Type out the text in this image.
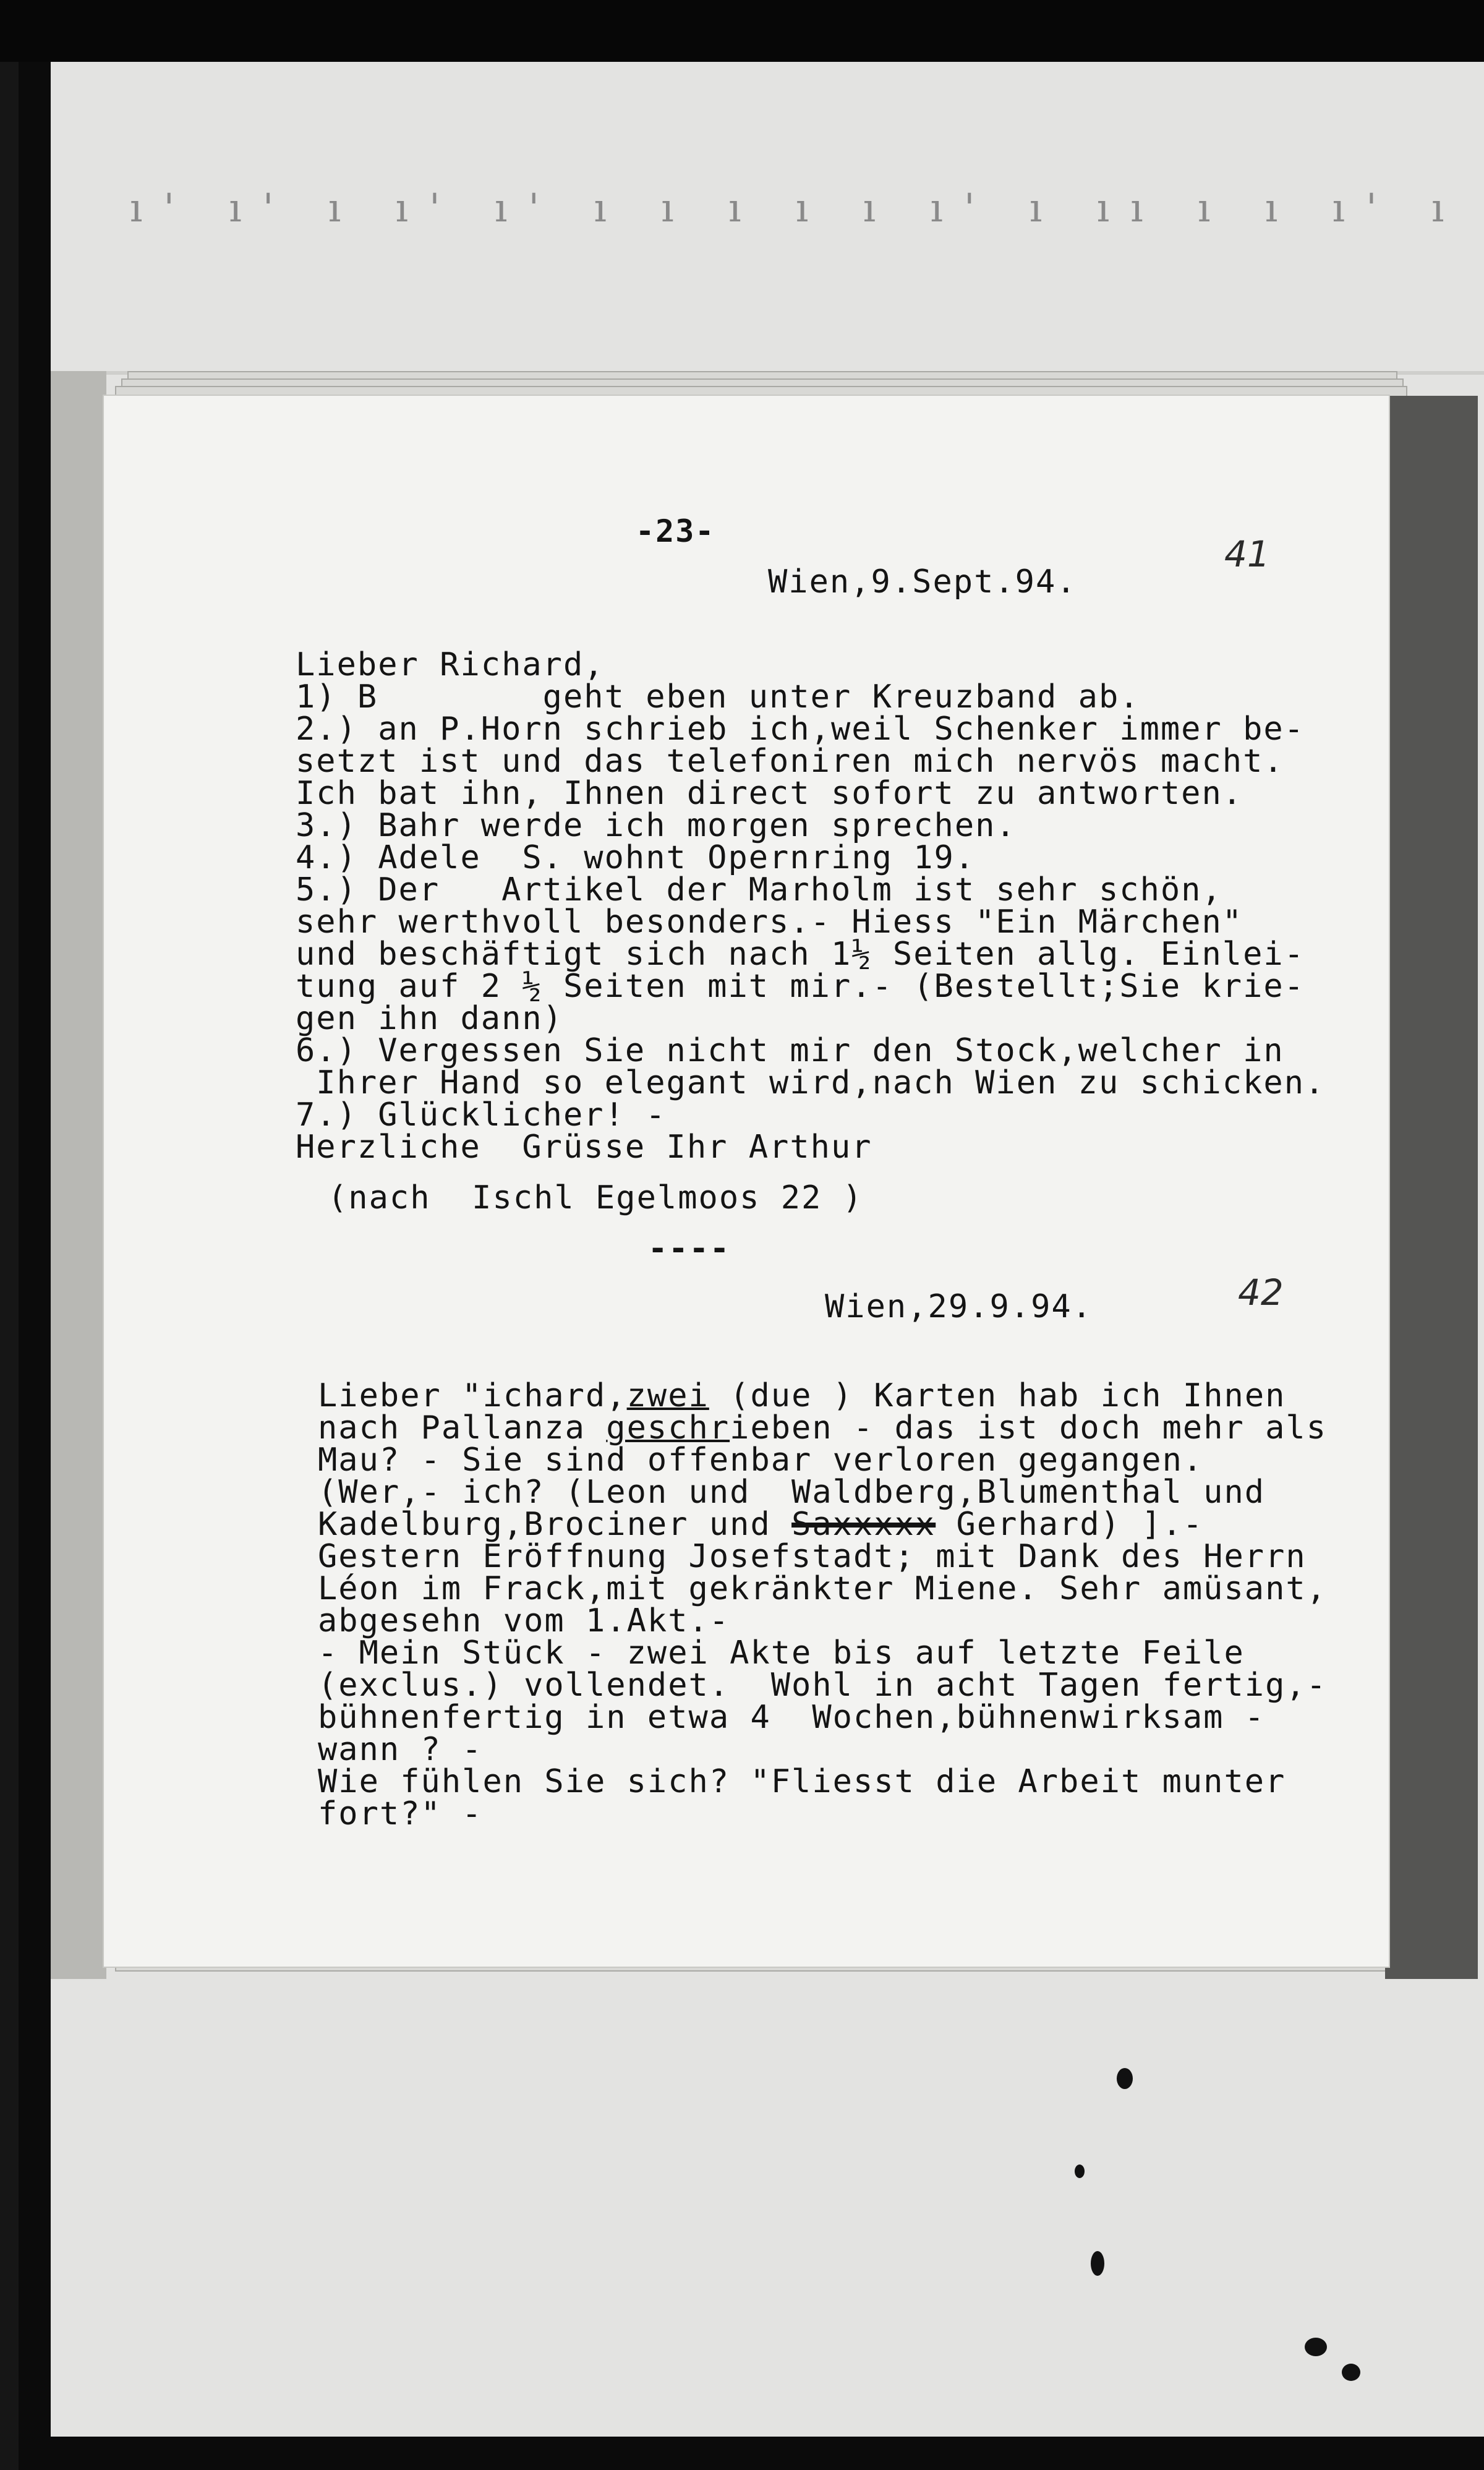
ı' ı' ı ı' ı' ı ı ı ı ı ı' ı ıı ı ı ı' ı
-23-
Wien,9.Sept.94.
41
Lieber Richard,
1) B        geht eben unter Kreuzband ab.
2.) an P.Horn schrieb ich,weil Schenker immer be-
setzt ist und das telefoniren mich nervös macht.
Ich bat ihn, Ihnen direct sofort zu antworten.
3.) Bahr werde ich morgen sprechen.
4.) Adele  S. wohnt Opernring 19.
5.) Der   Artikel der Marholm ist sehr schön,
sehr werthvoll besonders.- Hiess "Ein Märchen"
und beschäftigt sich nach 1½ Seiten allg. Einlei-
tung auf 2 ½ Seiten mit mir.- (Bestellt;Sie krie-
gen ihn dann)
6.) Vergessen Sie nicht mir den Stock,welcher in
Ihrer Hand so elegant wird,nach Wien zu schicken.
7.) Glücklicher! -
Herzliche  Grüsse Ihr Arthur
(nach  Ischl Egelmoos 22 )
----
Wien,29.9.94.	42
Lieber "ichard,zwei (due ) Karten hab ich Ihnen
nach Pallanza geschrieben - das ist doch mehr als
Mau? - Sie sind offenbar verloren gegangen.
(Wer,- ich? (Leon und  Waldberg,Blumenthal und
Kadelburg,Brociner und Saxxxxx Gerhard) ].-
Gestern Eröffnung Josefstadt; mit Dank des Herrn
Léon im Frack,mit gekränkter Miene. Sehr amüsant,
abgesehn vom 1.Akt.-
- Mein Stück - zwei Akte bis auf letzte Feile
(exclus.) vollendet.  Wohl in acht Tagen fertig,-
bühnenfertig in etwa 4  Wochen,bühnenwirksam -
wann ? -
Wie fühlen Sie sich? "Fliesst die Arbeit munter
fort?" -
